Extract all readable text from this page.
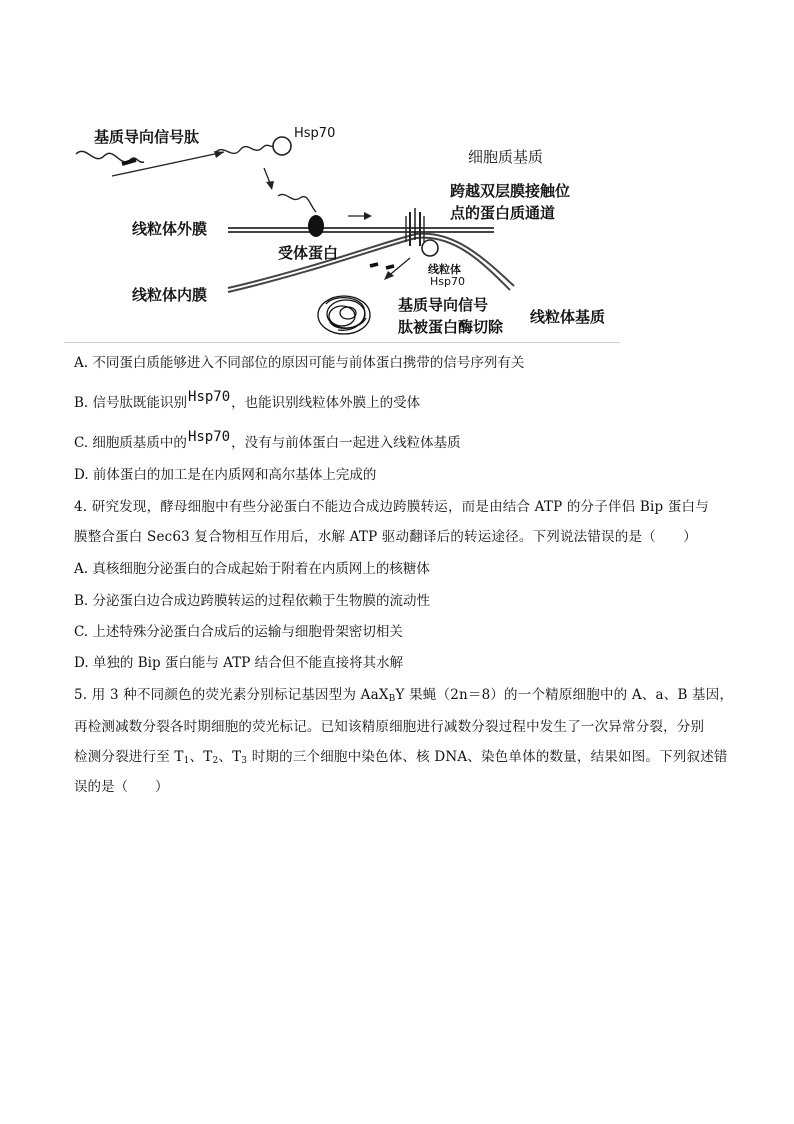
基质导向信号肽	Hsp70
细胞质基质
跨越双层膜接触位
点的蛋白质通道
线粒体外膜
受体蛋白
线粒体
Hsp70
线粒体内膜
基质导向信号
肽被蛋白酶切除
线粒体基质
A. 不同蛋白质能够进入不同部位的原因可能与前体蛋白携带的信号序列有关
B. 信号肽既能识别Hsp70，也能识别线粒体外膜上的受体
C. 细胞质基质中的Hsp70，没有与前体蛋白一起进入线粒体基质
D. 前体蛋白的加工是在内质网和高尔基体上完成的
4. 研究发现，酵母细胞中有些分泌蛋白不能边合成边跨膜转运，而是由结合 ATP 的分子伴侣 Bip 蛋白与
膜整合蛋白 Sec63 复合物相互作用后，水解 ATP 驱动翻译后的转运途径。下列说法错误的是（　　）
A. 真核细胞分泌蛋白的合成起始于附着在内质网上的核糖体
B. 分泌蛋白边合成边跨膜转运的过程依赖于生物膜的流动性
C. 上述特殊分泌蛋白合成后的运输与细胞骨架密切相关
D. 单独的 Bip 蛋白能与 ATP 结合但不能直接将其水解
5. 用 3 种不同颜色的荧光素分别标记基因型为 AaX$_B$Y 果蝇（2n＝8）的一个精原细胞中的 A、a、B 基因，
再检测减数分裂各时期细胞的荧光标记。已知该精原细胞进行减数分裂过程中发生了一次异常分裂，分别
检测分裂进行至 $T_1$、$T_2$、$T_3$ 时期的三个细胞中染色体、核 DNA、染色单体的数量，结果如图。下列叙述错
误的是（　　）
